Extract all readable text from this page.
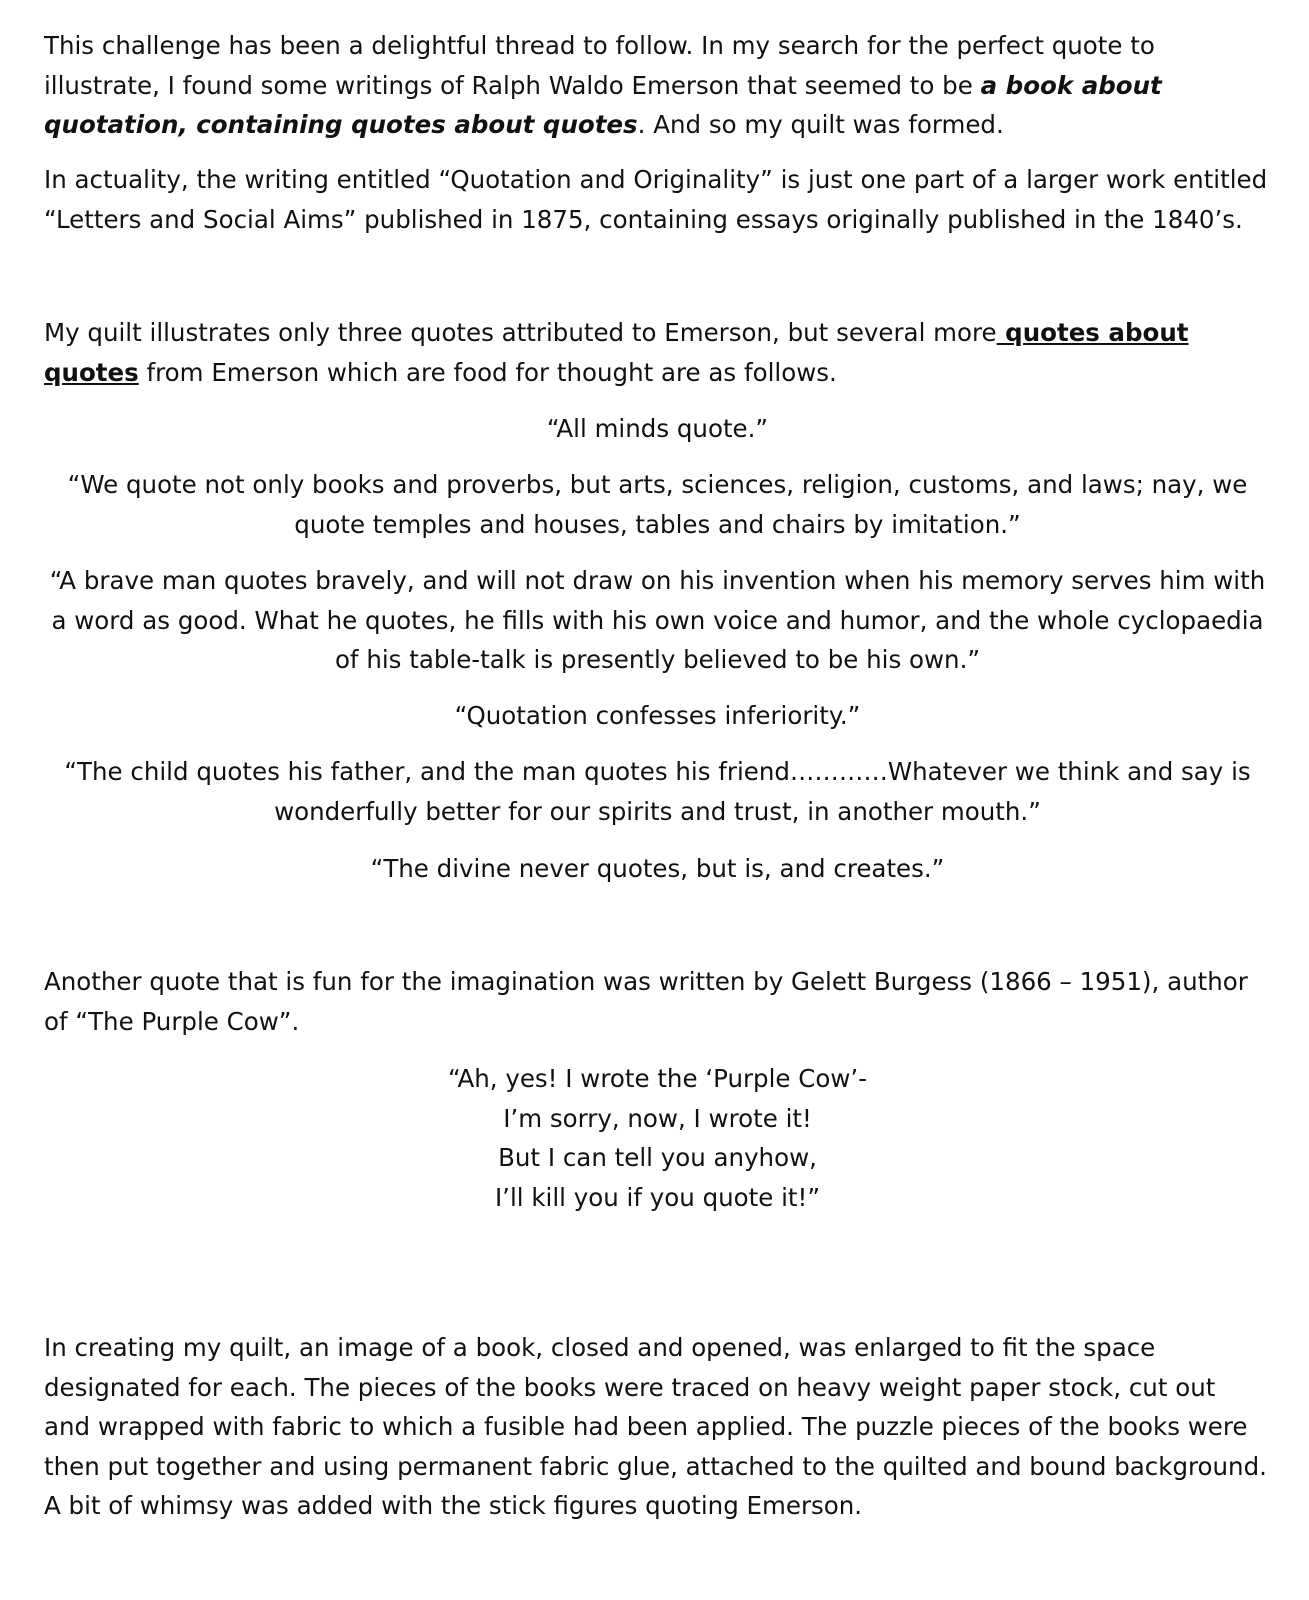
This challenge has been a delightful thread to follow. In my search for the perfect quote to illustrate, I found some writings of Ralph Waldo Emerson that seemed to be a book about quotation, containing quotes about quotes. And so my quilt was formed.

In actuality, the writing entitled “Quotation and Originality” is just one part of a larger work entitled “Letters and Social Aims” published in 1875, containing essays originally published in the 1840’s.

My quilt illustrates only three quotes attributed to Emerson, but several more quotes about quotes from Emerson which are food for thought are as follows.

“All minds quote.”

“We quote not only books and proverbs, but arts, sciences, religion, customs, and laws; nay, we quote temples and houses, tables and chairs by imitation.”

“A brave man quotes bravely, and will not draw on his invention when his memory serves him with a word as good. What he quotes, he fills with his own voice and humor, and the whole cyclopaedia of his table-talk is presently believed to be his own.”

“Quotation confesses inferiority.”

“The child quotes his father, and the man quotes his friend…………Whatever we think and say is wonderfully better for our spirits and trust, in another mouth.”

“The divine never quotes, but is, and creates.”

Another quote that is fun for the imagination was written by Gelett Burgess (1866 – 1951), author of “The Purple Cow”.

“Ah, yes! I wrote the ‘Purple Cow’-
I’m sorry, now, I wrote it!
But I can tell you anyhow,
I’ll kill you if you quote it!”

In creating my quilt, an image of a book, closed and opened, was enlarged to fit the space designated for each. The pieces of the books were traced on heavy weight paper stock, cut out and wrapped with fabric to which a fusible had been applied. The puzzle pieces of the books were then put together and using permanent fabric glue, attached to the quilted and bound background. A bit of whimsy was added with the stick figures quoting Emerson.
